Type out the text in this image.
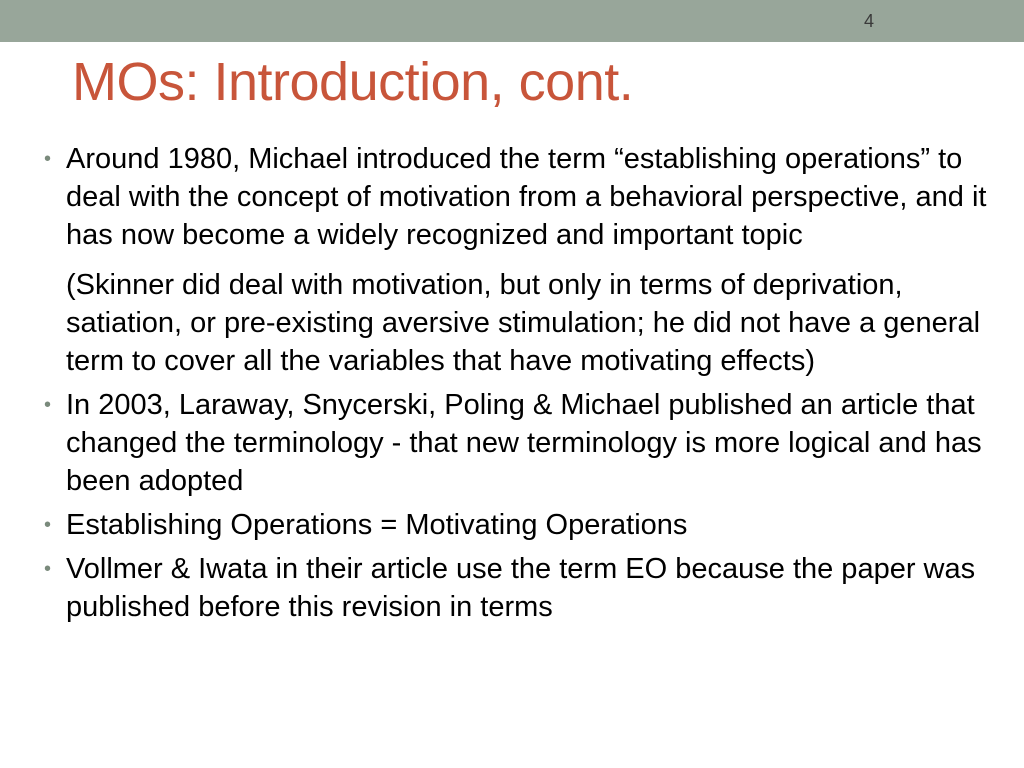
4
MOs: Introduction, cont.
• Around 1980, Michael introduced the term “establishing operations” to deal with the concept of motivation from a behavioral perspective, and it has now become a widely recognized and important topic
(Skinner did deal with motivation, but only in terms of deprivation, satiation, or pre-existing aversive stimulation; he did not have a general term to cover all the variables that have motivating effects)
• In 2003, Laraway, Snycerski, Poling & Michael published an article that changed the terminology - that new terminology is more logical and has been adopted
• Establishing Operations = Motivating Operations
• Vollmer & Iwata in their article use the term EO because the paper was published before this revision in terms
